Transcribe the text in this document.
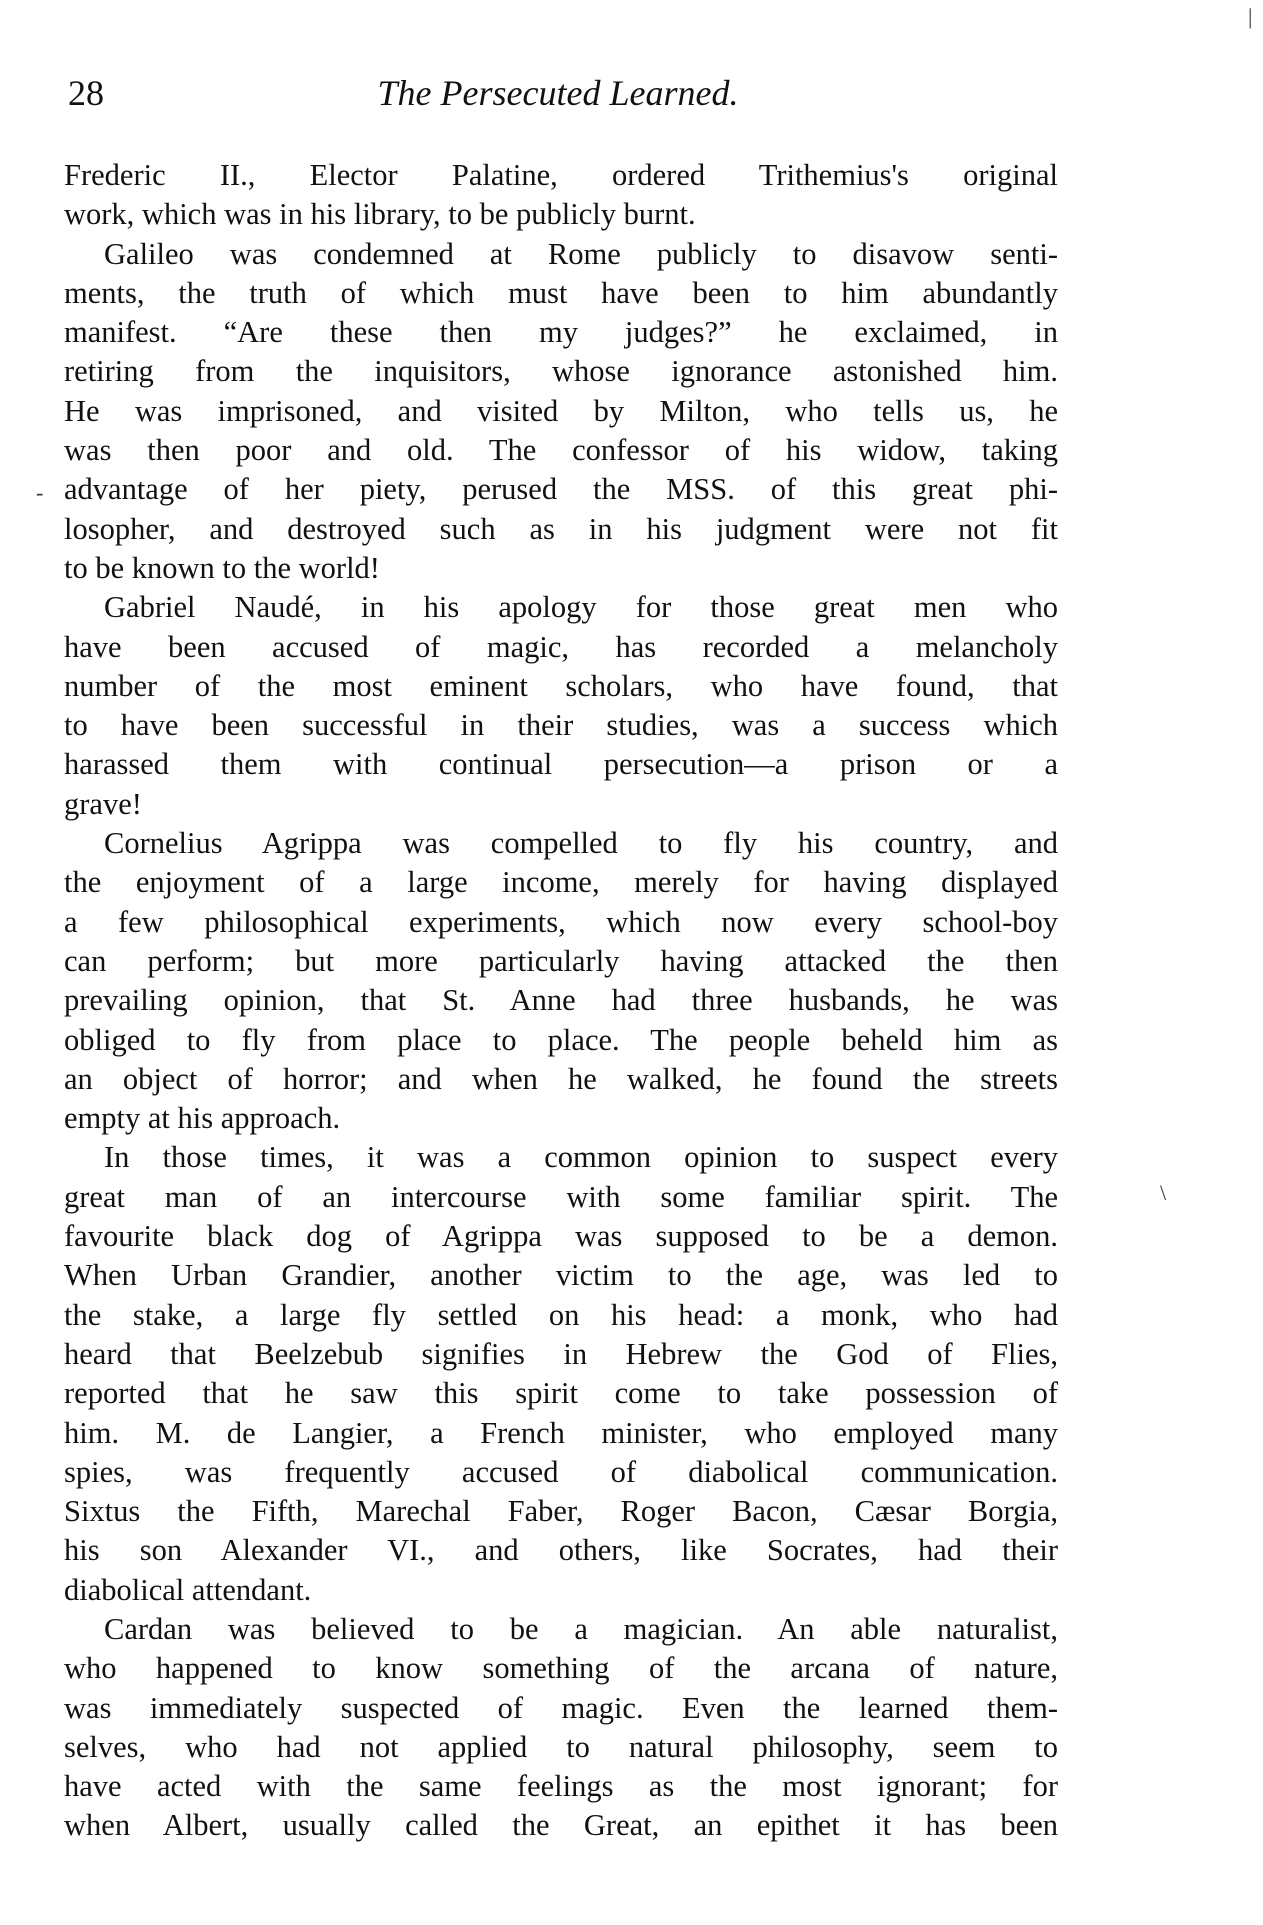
28	The Persecuted Learned.
Frederic II., Elector Palatine, ordered Trithemius's original
work, which was in his library, to be publicly burnt.
Galileo was condemned at Rome publicly to disavow senti-
ments, the truth of which must have been to him abundantly
manifest. “Are these then my judges?” he exclaimed, in
retiring from the inquisitors, whose ignorance astonished him.
He was imprisoned, and visited by Milton, who tells us, he
was then poor and old. The confessor of his widow, taking
advantage of her piety, perused the MSS. of this great phi-
losopher, and destroyed such as in his judgment were not fit
to be known to the world!
Gabriel Naudé, in his apology for those great men who
have been accused of magic, has recorded a melancholy
number of the most eminent scholars, who have found, that
to have been successful in their studies, was a success which
harassed them with continual persecution—a prison or a
grave!
Cornelius Agrippa was compelled to fly his country, and
the enjoyment of a large income, merely for having displayed
a few philosophical experiments, which now every school-boy
can perform; but more particularly having attacked the then
prevailing opinion, that St. Anne had three husbands, he was
obliged to fly from place to place. The people beheld him as
an object of horror; and when he walked, he found the streets
empty at his approach.
In those times, it was a common opinion to suspect every
great man of an intercourse with some familiar spirit. The
favourite black dog of Agrippa was supposed to be a demon.
When Urban Grandier, another victim to the age, was led to
the stake, a large fly settled on his head: a monk, who had
heard that Beelzebub signifies in Hebrew the God of Flies,
reported that he saw this spirit come to take possession of
him. M. de Langier, a French minister, who employed many
spies, was frequently accused of diabolical communication.
Sixtus the Fifth, Marechal Faber, Roger Bacon, Cæsar Borgia,
his son Alexander VI., and others, like Socrates, had their
diabolical attendant.
Cardan was believed to be a magician. An able naturalist,
who happened to know something of the arcana of nature,
was immediately suspected of magic. Even the learned them-
selves, who had not applied to natural philosophy, seem to
have acted with the same feelings as the most ignorant; for
when Albert, usually called the Great, an epithet it has been
|
-
\
